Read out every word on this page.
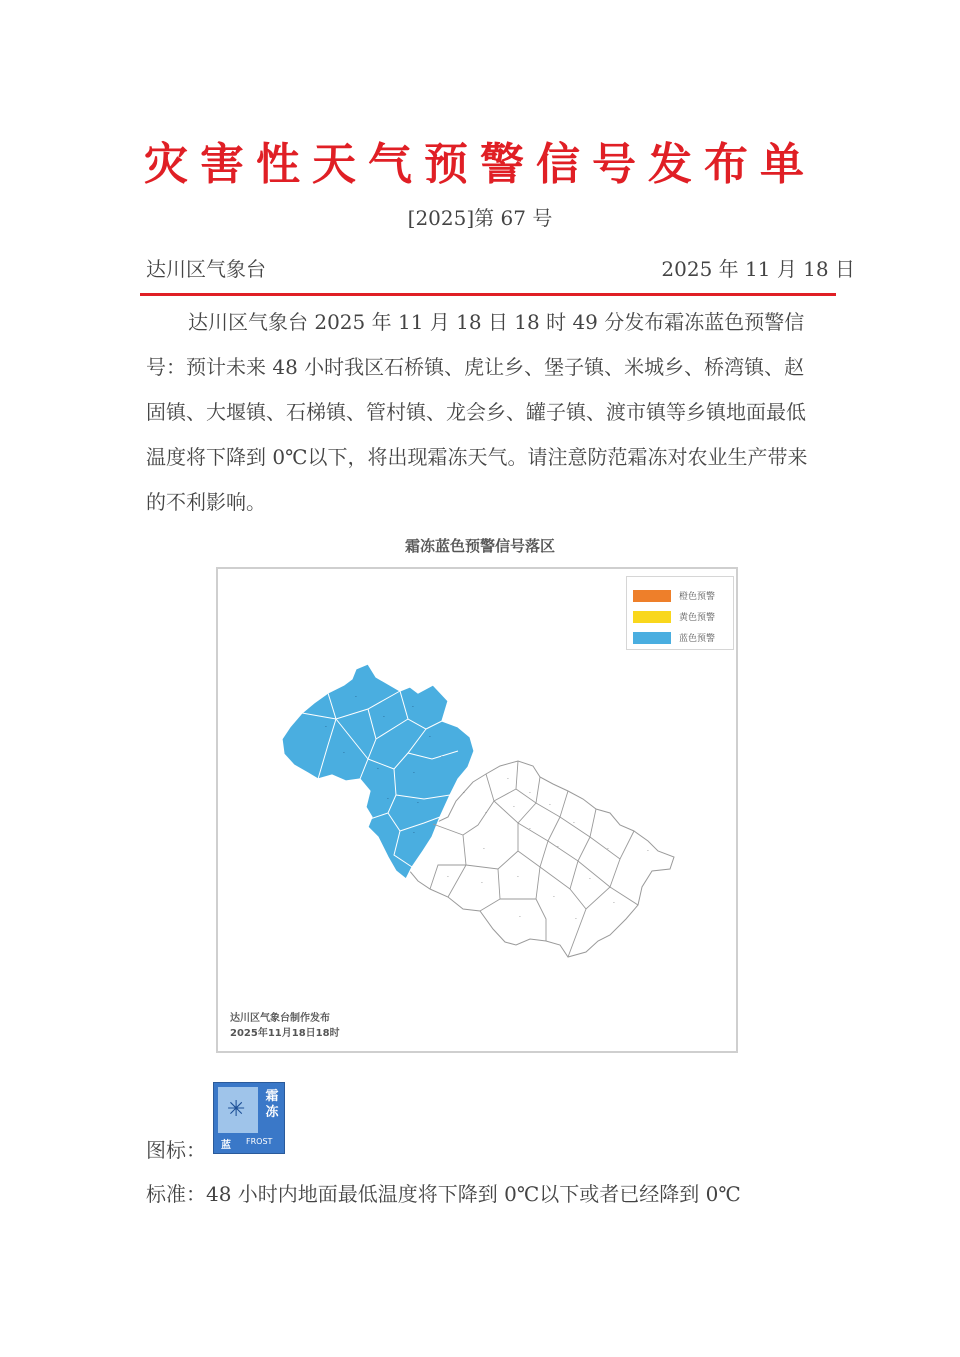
灾害性天气预警信号发布单
[2025]第 67 号
达川区气象台	2025 年 11 月 18 日

达川区气象台 2025 年 11 月 18 日 18 时 49 分发布霜冻蓝色预警信号：预计未来 48 小时我区石桥镇、虎让乡、堡子镇、米城乡、桥湾镇、赵固镇、大堰镇、石梯镇、管村镇、龙会乡、罐子镇、渡市镇等乡镇地面最低温度将下降到 0℃以下，将出现霜冻天气。请注意防范霜冻对农业生产带来的不利影响。

霜冻蓝色预警信号落区
·
·
·
·
·
·
·
·
·
·
·
·
·
·
·
·
·
·
·
·	·
·
·
·
·
·
·
·
·
·
·	·
橙色预警
黄色预警
蓝色预警
达川区气象台制作发布
2025年11月18日18时
图标：
✳
霜冻
蓝 FROST
标准：48 小时内地面最低温度将下降到 0℃以下或者已经降到 0℃
